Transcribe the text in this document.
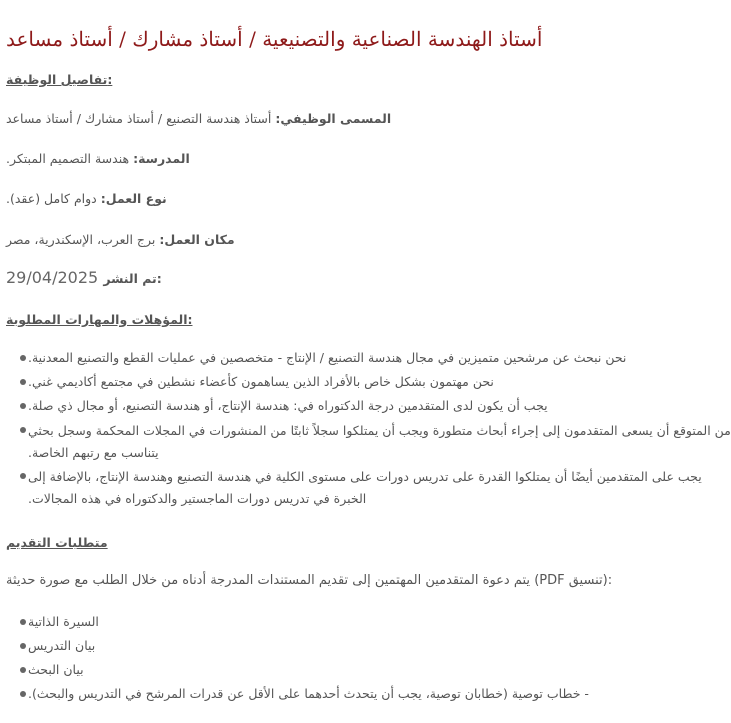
أستاذ الهندسة الصناعية والتصنيعية / أستاذ مشارك / أستاذ مساعد
تفاصيل الوظيفة:
المسمى الوظيفي: أستاذ هندسة التصنيع / أستاذ مشارك / أستاذ مساعد
المدرسة: هندسة التصميم المبتكر.
نوع العمل: دوام كامل (عقد).
مكان العمل: برج العرب، الإسكندرية، مصر
29/04/2025 تم النشر:
المؤهلات والمهارات المطلوبة:
نحن نبحث عن مرشحين متميزين في مجال هندسة التصنيع / الإنتاج - متخصصين في عمليات القطع والتصنيع المعدنية.
نحن مهتمون بشكل خاص بالأفراد الذين يساهمون كأعضاء نشطين في مجتمع أكاديمي غني.
يجب أن يكون لدى المتقدمين درجة الدكتوراه في: هندسة الإنتاج، أو هندسة التصنيع، أو مجال ذي صلة.
من المتوقع أن يسعى المتقدمون إلى إجراء أبحاث متطورة ويجب أن يمتلكوا سجلاً ثابتًا من المنشورات في المجلات المحكمة وسجل بحثي
يتناسب مع رتبهم الخاصة.
يجب على المتقدمين أيضًا أن يمتلكوا القدرة على تدريس دورات على مستوى الكلية في هندسة التصنيع وهندسة الإنتاج، بالإضافة إلى
الخبرة في تدريس دورات الماجستير والدكتوراه في هذه المجالات.
متطلبات التقديم
يتم دعوة المتقدمين المهتمين إلى تقديم المستندات المدرجة أدناه من خلال الطلب مع صورة حديثة (PDF تنسيق):
السيرة الذاتية
بيان التدريس
بيان البحث
- خطاب توصية (خطابان توصية، يجب أن يتحدث أحدهما على الأقل عن قدرات المرشح في التدريس والبحث).
